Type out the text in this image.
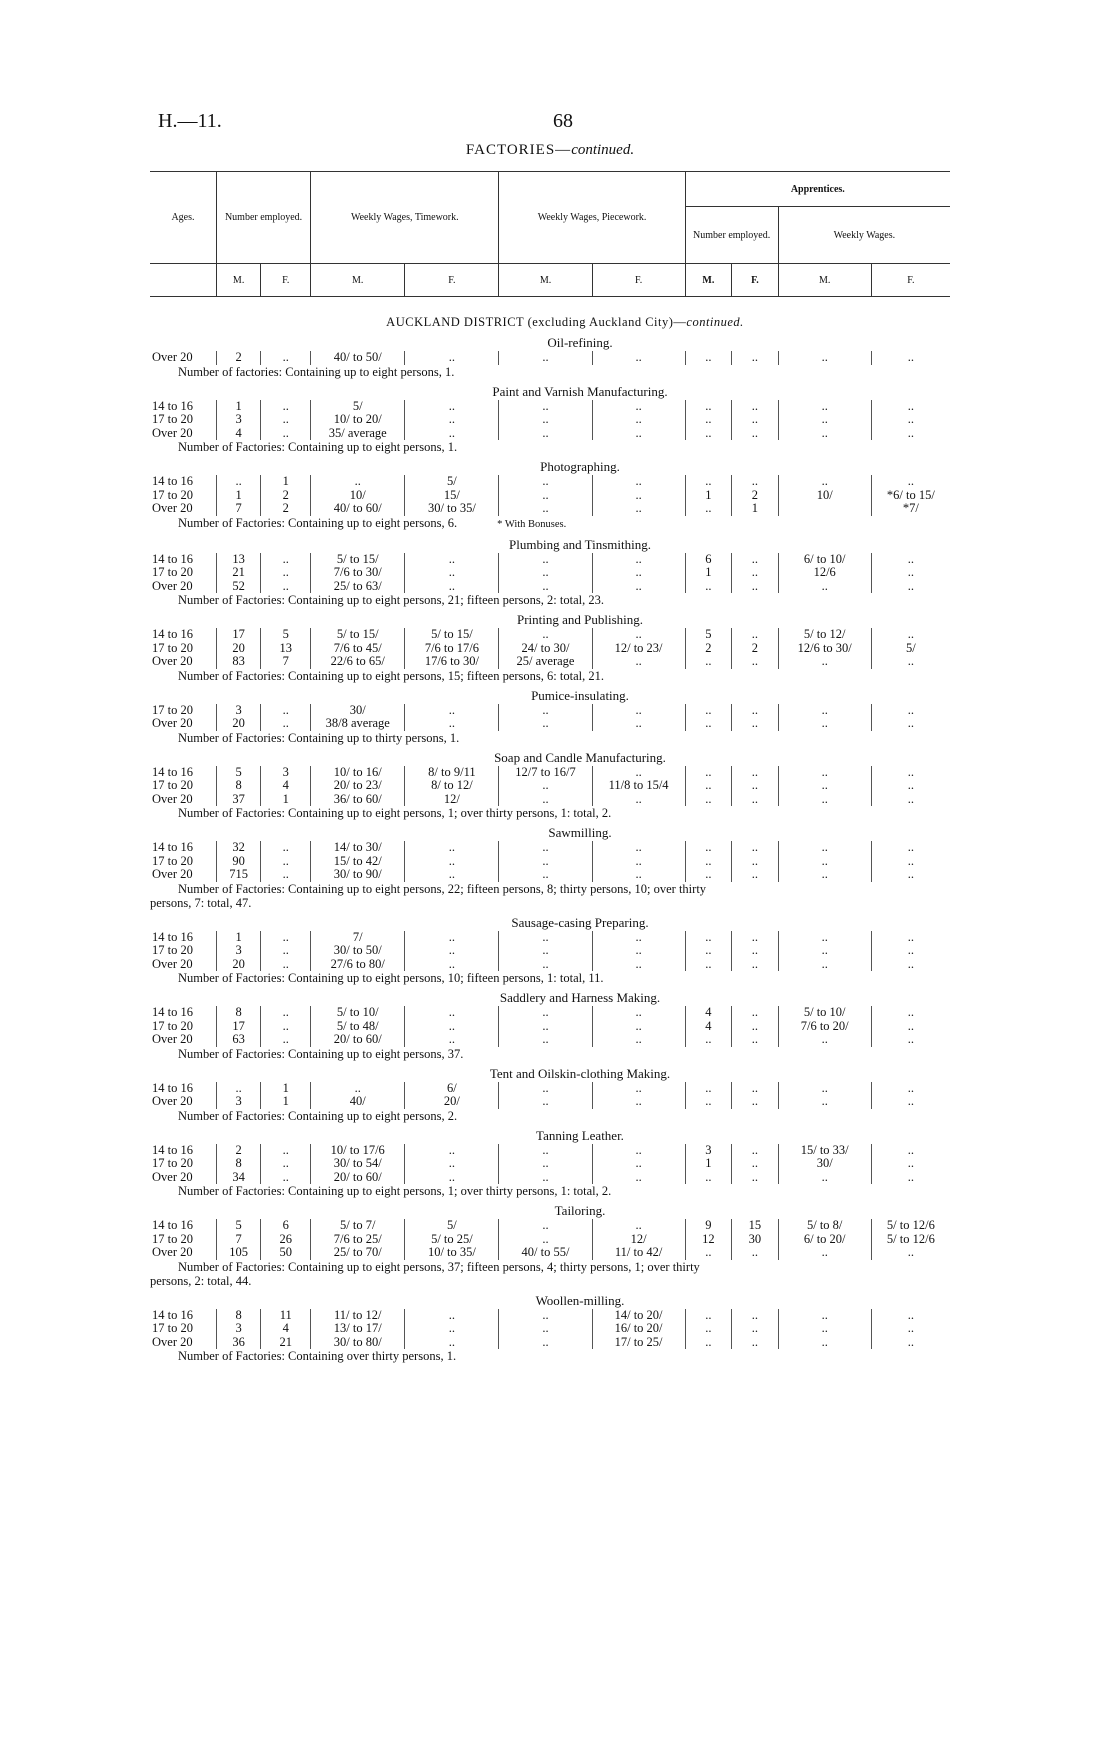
H.—11.	68
FACTORIES—continued.
Ages.	Number employed.		Weekly Wages, Timework.		Weekly Wages, Piecework.		Apprentices.			
							Number employed.		Weekly Wages.	
	M.	F.	M.	F.	M.	F.	M.	F.	M.	F.
AUCKLAND DISTRICT (excluding Auckland City)—continued.
Oil-refining.
Over 20	2	..	40/ to 50/	..	..	..	..	..	..	..
Number of factories: Containing up to eight persons, 1.
Paint and Varnish Manufacturing.
14 to 16	1	..	5/	..	..	..	..	..	..	..
17 to 20	3	..	10/ to 20/	..	..	..	..	..	..	..
Over 20	4	..	35/ average	..	..	..	..	..	..	..
Number of Factories: Containing up to eight persons, 1.
Photographing.
14 to 16	..	1	..	5/	..	..	..	..	..	..
17 to 20	1	2	10/	15/	..	..	1	2	10/	*6/ to 15/
Over 20	7	2	40/ to 60/	30/ to 35/	..	..	..	1		*7/
Number of Factories: Containing up to eight persons, 6.	* With Bonuses.
Plumbing and Tinsmithing.
14 to 16	13	..	5/ to 15/	..	..	..	6	..	6/ to 10/	..
17 to 20	21	..	7/6 to 30/	..	..	..	1	..	12/6	..
Over 20	52	..	25/ to 63/	..	..	..	..	..	..	..
Number of Factories: Containing up to eight persons, 21; fifteen persons, 2: total, 23.
Printing and Publishing.
14 to 16	17	5	5/ to 15/	5/ to 15/	..	..	5	..	5/ to 12/	..
17 to 20	20	13	7/6 to 45/	7/6 to 17/6	24/ to 30/	12/ to 23/	2	2	12/6 to 30/	5/
Over 20	83	7	22/6 to 65/	17/6 to 30/	25/ average	..	..	..	..	..
Number of Factories: Containing up to eight persons, 15; fifteen persons, 6: total, 21.
Pumice-insulating.
17 to 20	3	..	30/	..	..	..	..	..	..	..
Over 20	20	..	38/8 average	..	..	..	..	..	..	..
Number of Factories: Containing up to thirty persons, 1.
Soap and Candle Manufacturing.
14 to 16	5	3	10/ to 16/	8/ to 9/11	12/7 to 16/7	..	..	..	..	..
17 to 20	8	4	20/ to 23/	8/ to 12/	..	11/8 to 15/4	..	..	..	..
Over 20	37	1	36/ to 60/	12/	..	..	..	..	..	..
Number of Factories: Containing up to eight persons, 1; over thirty persons, 1: total, 2.
Sawmilling.
14 to 16	32	..	14/ to 30/	..	..	..	..	..	..	..
17 to 20	90	..	15/ to 42/	..	..	..	..	..	..	..
Over 20	715	..	30/ to 90/	..	..	..	..	..	..	..
Number of Factories: Containing up to eight persons, 22; fifteen persons, 8; thirty persons, 10; over thirty
persons, 7: total, 47.
Sausage-casing Preparing.
14 to 16	1	..	7/	..	..	..	..	..	..	..
17 to 20	3	..	30/ to 50/	..	..	..	..	..	..	..
Over 20	20	..	27/6 to 80/	..	..	..	..	..	..	..
Number of Factories: Containing up to eight persons, 10; fifteen persons, 1: total, 11.
Saddlery and Harness Making.
14 to 16	8	..	5/ to 10/	..	..	..	4	..	5/ to 10/	..
17 to 20	17	..	5/ to 48/	..	..	..	4	..	7/6 to 20/	..
Over 20	63	..	20/ to 60/	..	..	..	..	..	..	..
Number of Factories: Containing up to eight persons, 37.
Tent and Oilskin-clothing Making.
14 to 16	..	1	..	6/	..	..	..	..	..	..
Over 20	3	1	40/	20/	..	..	..	..	..	..
Number of Factories: Containing up to eight persons, 2.
Tanning Leather.
14 to 16	2	..	10/ to 17/6	..	..	..	3	..	15/ to 33/	..
17 to 20	8	..	30/ to 54/	..	..	..	1	..	30/	..
Over 20	34	..	20/ to 60/	..	..	..	..	..	..	..
Number of Factories: Containing up to eight persons, 1; over thirty persons, 1: total, 2.
Tailoring.
14 to 16	5	6	5/ to 7/	5/	..	..	9	15	5/ to 8/	5/ to 12/6
17 to 20	7	26	7/6 to 25/	5/ to 25/	..	12/	12	30	6/ to 20/	5/ to 12/6
Over 20	105	50	25/ to 70/	10/ to 35/	40/ to 55/	11/ to 42/	..	..	..	..
Number of Factories: Containing up to eight persons, 37; fifteen persons, 4; thirty persons, 1; over thirty
persons, 2: total, 44.
Woollen-milling.
14 to 16	8	11	11/ to 12/	..	..	14/ to 20/	..	..	..	..
17 to 20	3	4	13/ to 17/	..	..	16/ to 20/	..	..	..	..
Over 20	36	21	30/ to 80/	..	..	17/ to 25/	..	..	..	..
Number of Factories: Containing over thirty persons, 1.
